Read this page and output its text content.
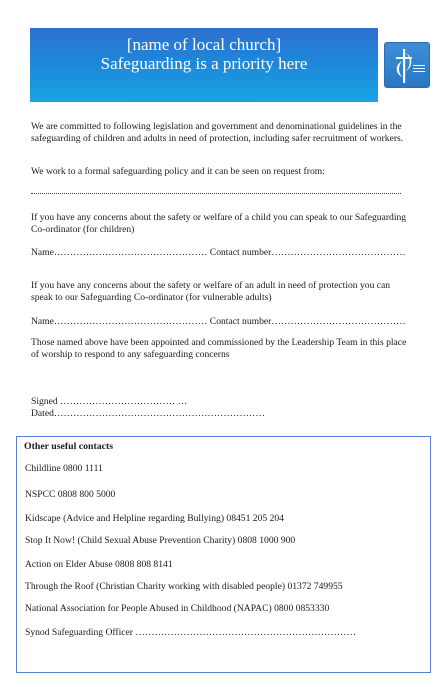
[name of local church]
Safeguarding is a priority here
We are committed to following legislation and government and denominational guidelines in the safeguarding of children and adults in need of protection, including safer recruitment of workers.
We work to a formal safeguarding policy and it can be seen on request from:
If you have any concerns about the safety or welfare of a child you can speak to our Safeguarding Co-ordinator (for children)
Name………………………………………… Contact number……………………………………
If you have any concerns about the safety or welfare of an adult in need of protection you can speak to our Safeguarding Co-ordinator (for vulnerable adults)
Name………………………………………… Contact number……………………………………
Those named above have been appointed and commissioned by the Leadership Team in this place of worship to respond to any safeguarding concerns
Signed ……………………………… … Dated…………………………………………………………
Other useful contacts
Childline 0800 1111
NSPCC 0808 800 5000
Kidscape (Advice and Helpline regarding Bullying) 08451 205 204
Stop It Now! (Child Sexual Abuse Prevention Charity) 0808 1000 900
Action on Elder Abuse 0808 808 8141
Through the Roof (Christian Charity working with disabled people) 01372 749955
National Association for People Abused in Childhood (NAPAC) 0800 0853330
Synod Safeguarding Officer ……………………………………………………………
